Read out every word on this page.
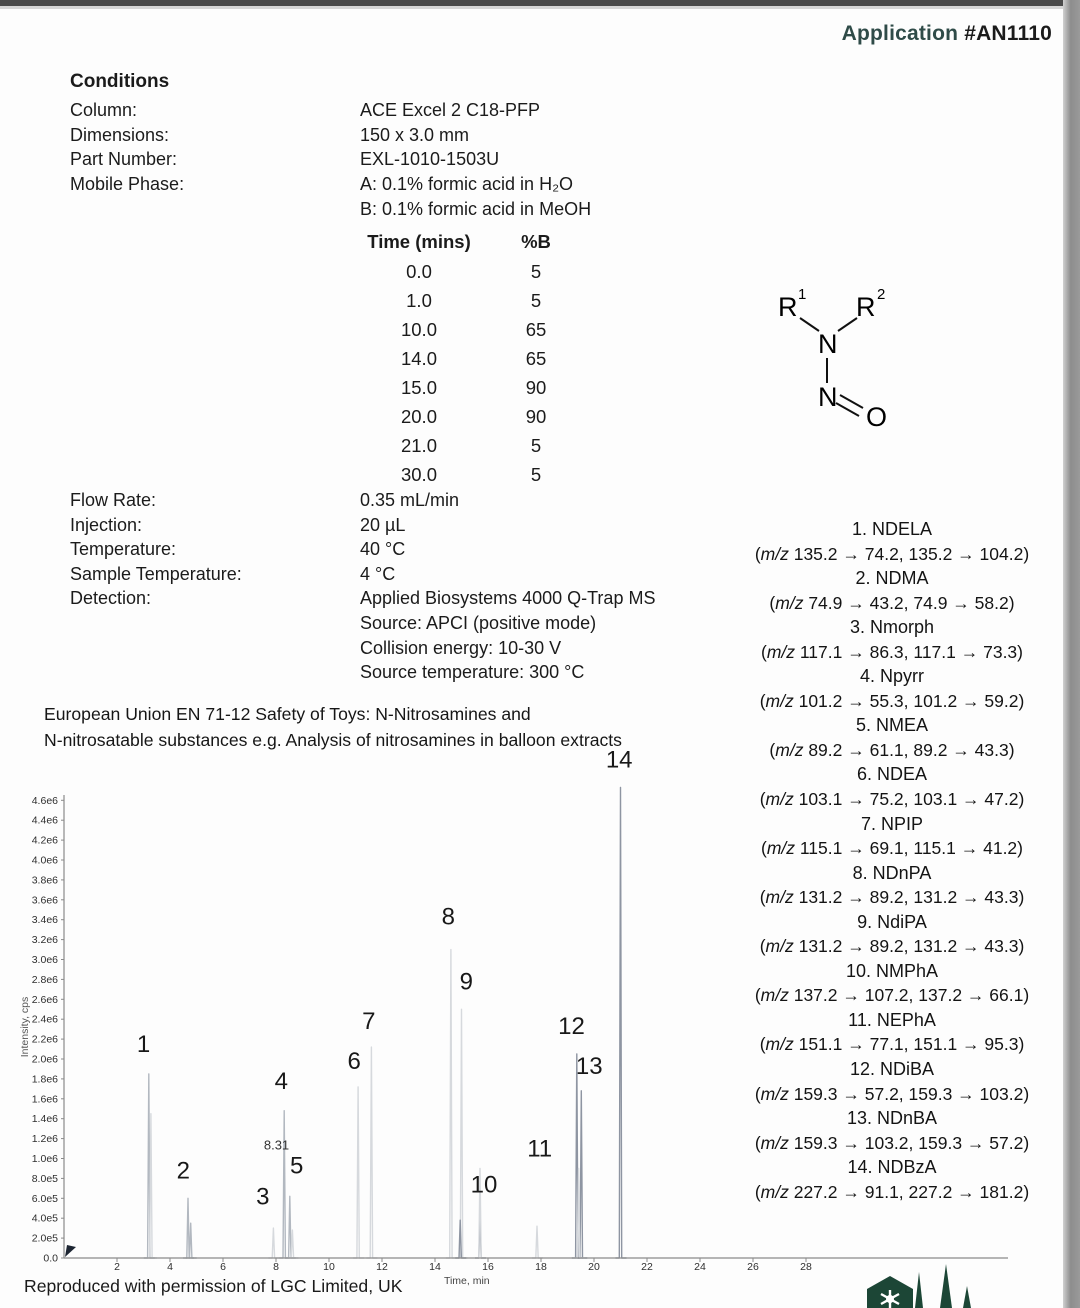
Application #AN1110
Conditions
Column:	ACE Excel 2 C18-PFP
Dimensions:	150 x 3.0 mm
Part Number:	EXL-1010-1503U
Mobile Phase:	A: 0.1% formic acid in H₂O
B: 0.1% formic acid in MeOH
Time (mins)	%B
0.0	5
1.0	5
10.0	65
14.0	65
15.0	90
20.0	90
21.0	5
30.0	5
Flow Rate:	0.35 mL/min
Injection:	20 µL
Temperature:	40 °C
Sample Temperature:	4 °C
Detection:	Applied Biosystems 4000 Q-Trap MS
Source: APCI (positive mode)
Collision energy: 10-30 V
Source temperature: 300 °C
R 1 R 2
N
N
O
European Union EN 71-12 Safety of Toys: N-Nitrosamines and
N-nitrosatable substances e.g. Analysis of nitrosamines in balloon extracts
1. NDELA
(m/z 135.2 → 74.2, 135.2 → 104.2)
2. NDMA
(m/z 74.9 → 43.2, 74.9 → 58.2)
3. Nmorph
(m/z 117.1 → 86.3, 117.1 → 73.3)
4. Npyrr
(m/z 101.2 → 55.3, 101.2 → 59.2)
5. NMEA
(m/z 89.2 → 61.1, 89.2 → 43.3)
6. NDEA
(m/z 103.1 → 75.2, 103.1 → 47.2)
7. NPIP
(m/z 115.1 → 69.1, 115.1 → 41.2)
8. NDnPA
(m/z 131.2 → 89.2, 131.2 → 43.3)
9. NdiPA
(m/z 131.2 → 89.2, 131.2 → 43.3)
10. NMPhA
(m/z 137.2 → 107.2, 137.2 → 66.1)
11. NEPhA
(m/z 151.1 → 77.1, 151.1 → 95.3)
12. NDiBA
(m/z 159.3 → 57.2, 159.3 → 103.2)
13. NDnBA
(m/z 159.3 → 103.2, 159.3 → 57.2)
14. NDBzA
(m/z 227.2 → 91.1, 227.2 → 181.2)
0.0
2.0e5
4.0e5
6.0e5
8.0e5
1.0e6
1.2e6
1.4e6
1.6e6
1.8e6
2.0e6
2.2e6
2.4e6
2.6e6
2.8e6
3.0e6
3.2e6
3.4e6
3.6e6
3.8e6
4.0e6
4.2e6
4.4e6
4.6e6
2	4	6	8	10	12	14	16	18	20	22	24	26	28
Time, min
Intensity, cps	1
2
3
4
5
6
7
8
9
10
11
12
13
14
8.31
Reproduced with permission of LGC Limited, UK
